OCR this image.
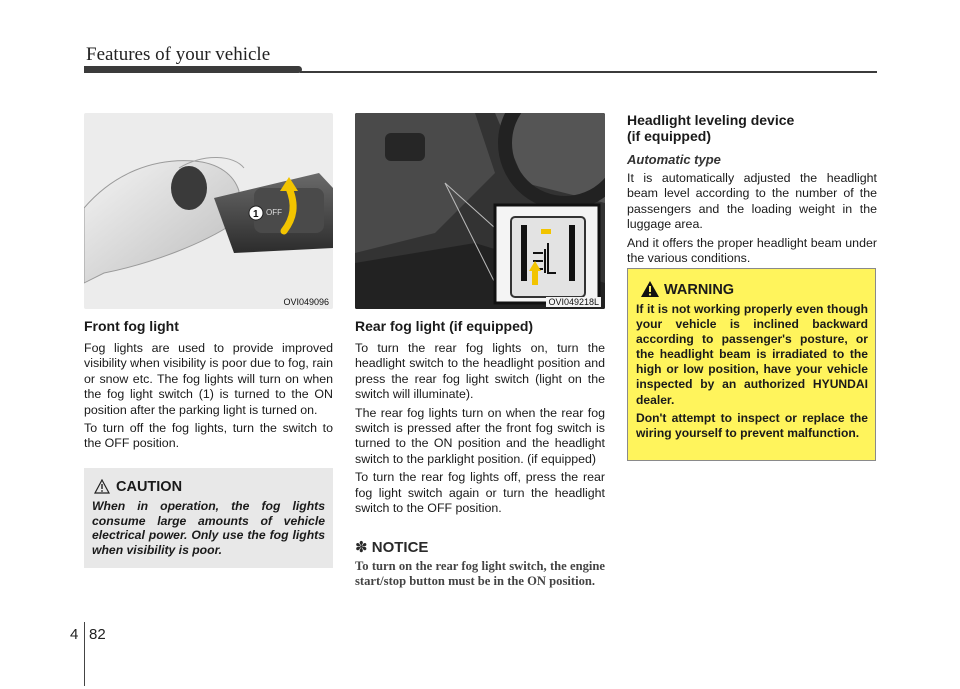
Features of your vehicle
OFF
1
OVI049096	OVI049218L
Front fog light

Fog lights are used to provide improved visibility when visibility is poor due to fog, rain or snow etc. The fog lights will turn on when the fog light switch (1) is turned to the ON position after the parking light is turned on.

To turn off the fog lights, turn the switch to the OFF position.

CAUTION
When in operation, the fog lights consume large amounts of vehicle electrical power. Only use the fog lights when visibility is poor.
Rear fog light (if equipped)

To turn the rear fog lights on, turn the headlight switch to the headlight position and press the rear fog light switch (light on the switch will illuminate).

The rear fog lights turn on when the rear fog switch is pressed after the front fog switch is turned to the ON position and the headlight switch to the parklight position. (if equipped)

To turn the rear fog lights off, press the rear fog light switch again or turn the headlight switch to the OFF position.

✽ NOTICE
To turn on the rear fog light switch, the engine start/stop button must be in the ON position.
Headlight leveling device
(if equipped)
Automatic type

It is automatically adjusted the headlight beam level according to the number of the passengers and the loading weight in the luggage area.

And it offers the proper headlight beam under the various conditions.

WARNING
If it is not working properly even though your vehicle is inclined backward according to passenger's posture, or the headlight beam is irradiated to the high or low position, have your vehicle inspected by an authorized HYUNDAI dealer.
Don't attempt to inspect or replace the wiring yourself to prevent malfunction.
4 82
